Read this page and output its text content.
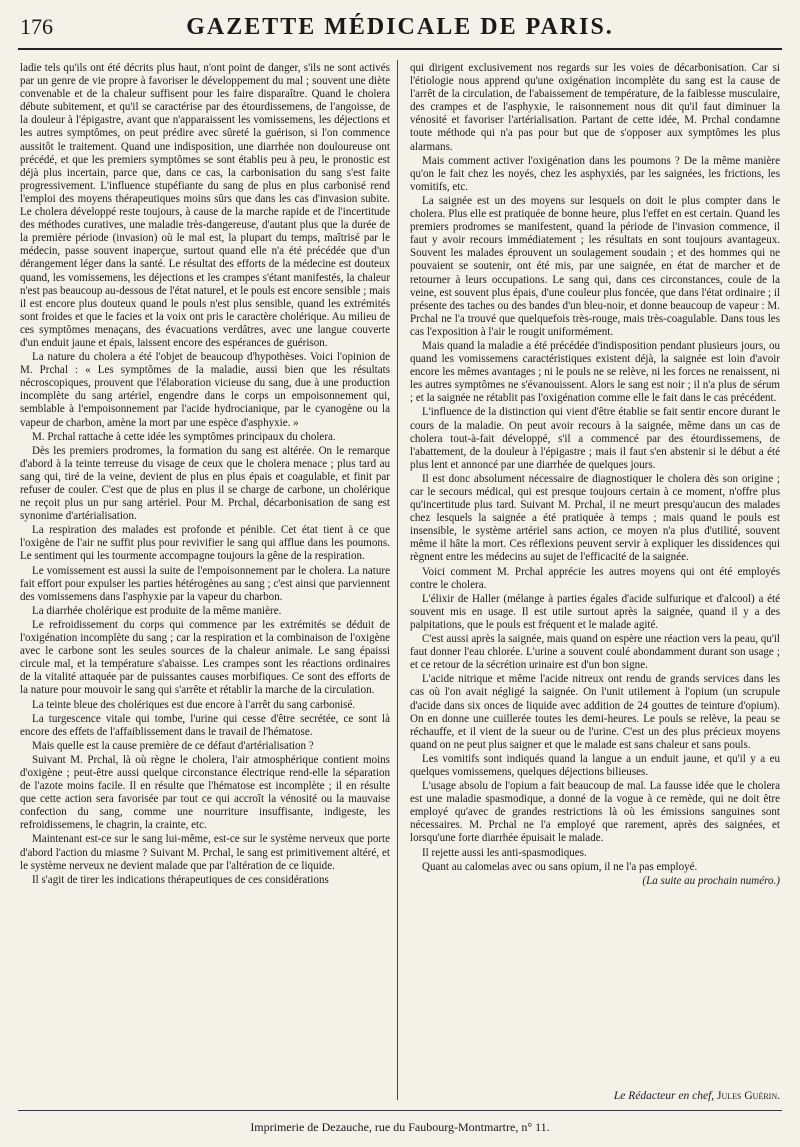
176	GAZETTE MÉDICALE DE PARIS.

ladie tels qu'ils ont été décrits plus haut, n'ont point de danger, s'ils ne sont activés par un genre de vie propre à favoriser le développement du mal ; souvent une diète convenable et de la chaleur suffisent pour les faire disparaître. Quand le cholera débute subitement, et qu'il se caractérise par des étourdissemens, de l'angoisse, de la douleur à l'épigastre, avant que n'apparaissent les vomissemens, les déjections et les autres symptômes, on peut prédire avec sûreté la guérison, si l'on commence aussitôt le traitement. Quand une indisposition, une diarrhée non douloureuse ont précédé, et que les premiers symptômes se sont établis peu à peu, le pronostic est déjà plus incertain, parce que, dans ce cas, la carbonisation du sang s'est faite progressivement. L'influence stupéfiante du sang de plus en plus carbonisé rend l'emploi des moyens thérapeutiques moins sûrs que dans les cas d'invasion subite. Le cholera développé reste toujours, à cause de la marche rapide et de l'incertitude des méthodes curatives, une maladie très-dangereuse, d'autant plus que la durée de la première période (invasion) où le mal est, la plupart du temps, maîtrisé par le médecin, passe souvent inaperçue, surtout quand elle n'a été précédée que d'un dérangement léger dans la santé. Le résultat des efforts de la médecine est douteux quand, les vomissemens, les déjections et les crampes s'étant manifestés, la chaleur n'est pas beaucoup au-dessous de l'état naturel, et le pouls est encore sensible ; mais il est encore plus douteux quand le pouls n'est plus sensible, quand les extrémités sont froides et que le facies et la voix ont pris le caractère cholérique. Au milieu de ces symptômes menaçans, des évacuations verdâtres, avec une langue couverte d'un enduit jaune et épais, laissent encore des espérances de guérison.

La nature du cholera a été l'objet de beaucoup d'hypothèses. Voici l'opinion de M. Prchal : « Les symptômes de la maladie, aussi bien que les résultats nécroscopiques, prouvent que l'élaboration vicieuse du sang, due à une production incomplète du sang artériel, engendre dans le corps un empoisonnement qui, semblable à l'empoisonnement par l'acide hydrocianique, par le cyanogène ou la vapeur de charbon, amène la mort par une espèce d'asphyxie. »

M. Prchal rattache à cette idée les symptômes principaux du cholera.

Dès les premiers prodromes, la formation du sang est altérée. On le remarque d'abord à la teinte terreuse du visage de ceux que le cholera menace ; plus tard au sang qui, tiré de la veine, devient de plus en plus épais et coagulable, et finit par refuser de couler. C'est que de plus en plus il se charge de carbone, un cholérique ne reçoit plus un pur sang artériel. Pour M. Prchal, décarbonisation de sang est synonime d'artérialisation.

La respiration des malades est profonde et pénible. Cet état tient à ce que l'oxigène de l'air ne suffit plus pour revivifier le sang qui afflue dans les poumons. Le sentiment qui les tourmente accompagne toujours la gêne de la respiration.

Le vomissement est aussi la suite de l'empoisonnement par le cholera. La nature fait effort pour expulser les parties hétérogènes au sang ; c'est ainsi que parviennent des vomissemens dans l'asphyxie par la vapeur du charbon.

La diarrhée cholérique est produite de la même manière.

Le refroidissement du corps qui commence par les extrémités se déduit de l'oxigénation incomplète du sang ; car la respiration et la combinaison de l'oxigène avec le carbone sont les seules sources de la chaleur animale. Le sang épaissi circule mal, et la température s'abaisse. Les crampes sont les réactions ordinaires de la vitalité attaquée par de puissantes causes morbifiques. Ce sont des efforts de la nature pour mouvoir le sang qui s'arrête et rétablir la marche de la circulation.

La teinte bleue des cholériques est due encore à l'arrêt du sang carbonisé.

La turgescence vitale qui tombe, l'urine qui cesse d'être secrétée, ce sont là encore des effets de l'affaiblissement dans le travail de l'hématose.

Mais quelle est la cause première de ce défaut d'artérialisation ?

Suivant M. Prchal, là où règne le cholera, l'air atmosphérique contient moins d'oxigène ; peut-être aussi quelque circonstance électrique rend-elle la séparation de l'azote moins facile. Il en résulte que l'hématose est incomplète ; il en résulte que cette action sera favorisée par tout ce qui accroît la vénosité ou la mauvaise confection du sang, comme une nourriture insuffisante, indigeste, les refroidissemens, le chagrin, la crainte, etc.

Maintenant est-ce sur le sang lui-même, est-ce sur le système nerveux que porte d'abord l'action du miasme ? Suivant M. Prchal, le sang est primitivement altéré, et le système nerveux ne devient malade que par l'altération de ce liquide.

Il s'agit de tirer les indications thérapeutiques de ces considérations

qui dirigent exclusivement nos regards sur les voies de décarbonisation. Car si l'étiologie nous apprend qu'une oxigénation incomplète du sang est la cause de l'arrêt de la circulation, de l'abaissement de température, de la faiblesse musculaire, des crampes et de l'asphyxie, le raisonnement nous dit qu'il faut diminuer la vénosité et favoriser l'artérialisation. Partant de cette idée, M. Prchal condamne toute méthode qui n'a pas pour but que de s'opposer aux symptômes les plus alarmans.

Mais comment activer l'oxigénation dans les poumons ? De la même manière qu'on le fait chez les noyés, chez les asphyxiés, par les saignées, les frictions, les vomitifs, etc.

La saignée est un des moyens sur lesquels on doit le plus compter dans le cholera. Plus elle est pratiquée de bonne heure, plus l'effet en est certain. Quand les premiers prodromes se manifestent, quand la période de l'invasion commence, il faut y avoir recours immédiatement ; les résultats en sont toujours avantageux. Souvent les malades éprouvent un soulagement soudain ; et des hommes qui ne pouvaient se soutenir, ont été mis, par une saignée, en état de marcher et de retourner à leurs occupations. Le sang qui, dans ces circonstances, coule de la veine, est souvent plus épais, d'une couleur plus foncée, que dans l'état ordinaire ; il présente des taches ou des bandes d'un bleu-noir, et donne beaucoup de vapeur : M. Prchal ne l'a trouvé que quelquefois très-rouge, mais très-coagulable. Dans tous les cas l'exposition à l'air le rougit uniformément.

Mais quand la maladie a été précédée d'indisposition pendant plusieurs jours, ou quand les vomissemens caractéristiques existent déjà, la saignée est loin d'avoir encore les mêmes avantages ; ni le pouls ne se relève, ni les forces ne renaissent, ni les autres symptômes ne s'évanouissent. Alors le sang est noir ; il n'a plus de sérum ; et la saignée ne rétablit pas l'oxigénation comme elle le fait dans le cas précédent.

L'influence de la distinction qui vient d'être établie se fait sentir encore durant le cours de la maladie. On peut avoir recours à la saignée, même dans un cas de cholera tout-à-fait développé, s'il a commencé par des étourdissemens, de l'abattement, de la douleur à l'épigastre ; mais il faut s'en abstenir si le début a été plus lent et annoncé par une diarrhée de quelques jours.

Il est donc absolument nécessaire de diagnostiquer le cholera dès son origine ; car le secours médical, qui est presque toujours certain à ce moment, n'offre plus qu'incertitude plus tard. Suivant M. Prchal, il ne meurt presqu'aucun des malades chez lesquels la saignée a été pratiquée à temps ; mais quand le pouls est insensible, le système artériel sans action, ce moyen n'a plus d'utilité, souvent même il hâte la mort. Ces réflexions peuvent servir à expliquer les dissidences qui règnent entre les médecins au sujet de l'efficacité de la saignée.

Voici comment M. Prchal apprécie les autres moyens qui ont été employés contre le cholera.

L'élixir de Haller (mélange à parties égales d'acide sulfurique et d'alcool) a été souvent mis en usage. Il est utile surtout après la saignée, quand il y a des palpitations, que le pouls est fréquent et le malade agité.

C'est aussi après la saignée, mais quand on espère une réaction vers la peau, qu'il faut donner l'eau chlorée. L'urine a souvent coulé abondamment durant son usage ; et ce retour de la sécrétion urinaire est d'un bon signe.

L'acide nitrique et même l'acide nitreux ont rendu de grands services dans les cas où l'on avait négligé la saignée. On l'unit utilement à l'opium (un scrupule d'acide dans six onces de liquide avec addition de 24 gouttes de teinture d'opium). On en donne une cuillerée toutes les demi-heures. Le pouls se relève, la peau se réchauffe, et il vient de la sueur ou de l'urine. C'est un des plus précieux moyens quand on ne peut plus saigner et que le malade est sans chaleur et sans pouls.

Les vomitifs sont indiqués quand la langue a un enduit jaune, et qu'il y a eu quelques vomissemens, quelques déjections bilieuses.

L'usage absolu de l'opium a fait beaucoup de mal. La fausse idée que le cholera est une maladie spasmodique, a donné de la vogue à ce remède, qui ne doit être employé qu'avec de grandes restrictions là où les émissions sanguines sont nécessaires. M. Prchal ne l'a employé que rarement, après des saignées, et lorsqu'une forte diarrhée épuisait le malade.

Il rejette aussi les anti-spasmodiques.

Quant au calomelas avec ou sans opium, il ne l'a pas employé.

(La suite au prochain numéro.)

Le Rédacteur en chef, Jules Guérin.
Imprimerie de Dezauche, rue du Faubourg-Montmartre, n° 11.
